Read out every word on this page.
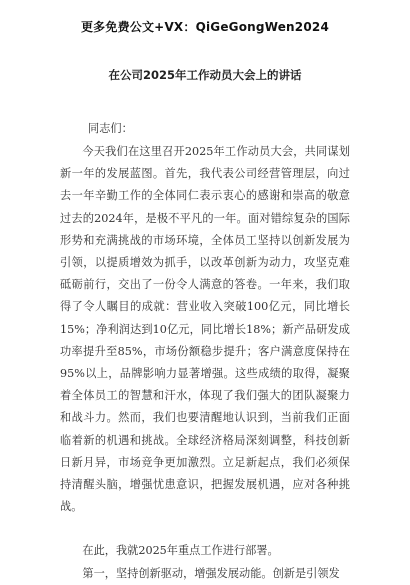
更多免费公文+VX：QiGeGongWen2024
在公司2025年工作动员大会上的讲话
同志们：

今天我们在这里召开2025年工作动员大会，共同谋划新一年的发展蓝图。首先，我代表公司经营管理层，向过去一年辛勤工作的全体同仁表示衷心的感谢和崇高的敬意过去的2024年，是极不平凡的一年。面对错综复杂的国际形势和充满挑战的市场环境，全体员工坚持以创新发展为引领，以提质增效为抓手，以改革创新为动力，攻坚克难砥砺前行，交出了一份令人满意的答卷。一年来，我们取得了令人瞩目的成就：营业收入突破100亿元，同比增长15%；净利润达到10亿元，同比增长18%；新产品研发成功率提升至85%，市场份额稳步提升；客户满意度保持在95%以上，品牌影响力显著增强。这些成绩的取得，凝聚着全体员工的智慧和汗水，体现了我们强大的团队凝聚力和战斗力。然而，我们也要清醒地认识到，当前我们正面临着新的机遇和挑战。全球经济格局深刻调整，科技创新日新月异，市场竞争更加激烈。立足新起点，我们必须保持清醒头脑，增强忧患意识，把握发展机遇，应对各种挑战。

在此，我就2025年重点工作进行部署。

第一，坚持创新驱动，增强发展动能。创新是引领发
